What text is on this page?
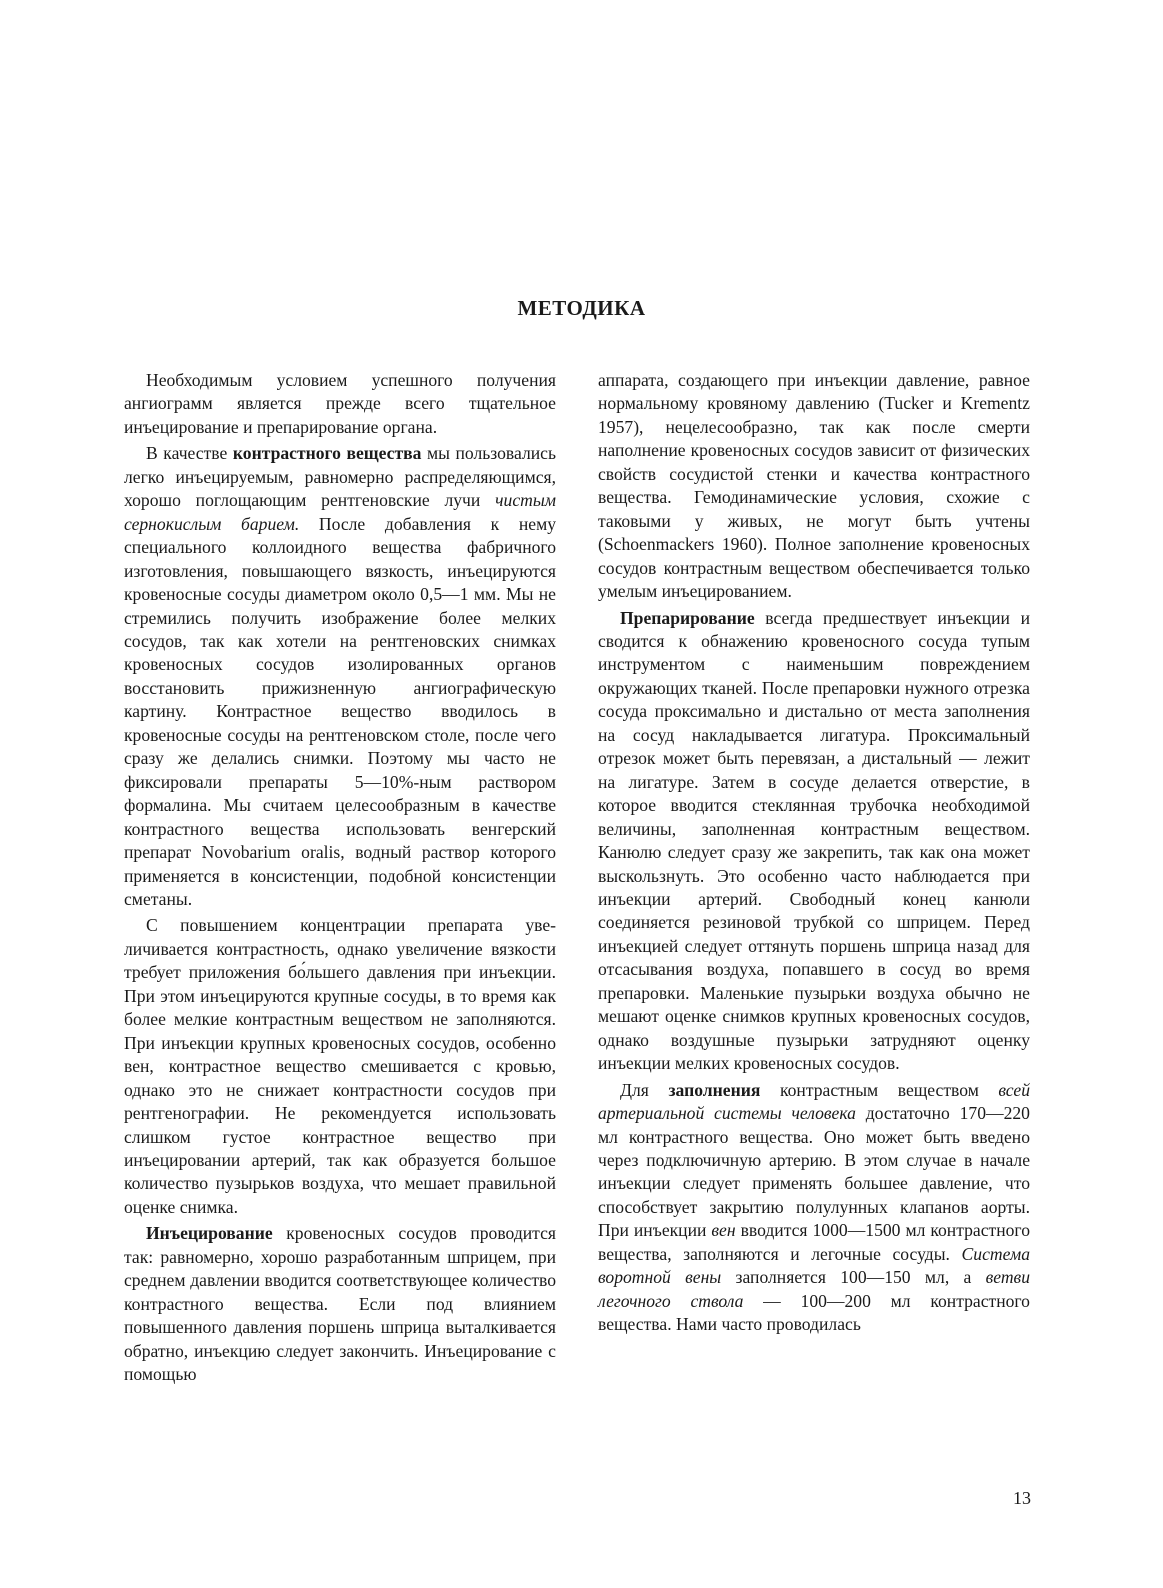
МЕТОДИКА

Необходимым условием успешного получения ангиограмм является прежде всего тщательное инъецирование и препарирование органа.

В качестве контрастного вещества мы пользовались легко инъецируемым, равномерно распределяющимся, хорошо поглощающим рентгеновские лучи чистым сернокислым барием. После добавления к нему специального коллоидного вещества фабричного изготовления, повышающего вязкость, инъецируются кровеносные сосуды диаметром около 0,5—1 мм. Мы не стремились получить изображение более мелких сосудов, так как хотели на рентгеновских снимках кровеносных сосудов изолированных органов восстановить прижизненную ангиографическую картину. Контрастное вещество вводилось в кровеносные сосуды на рентгеновском столе, после чего сразу же делались снимки. Поэтому мы часто не фиксировали препараты 5—10%-ным раствором формалина. Мы считаем целесообразным в качестве контрастного вещества использовать венгерский препарат Novobarium oralis, водный раствор которого применяется в консистенции, подобной консистенции сметаны.

С повышением концентрации препарата увеличивается контрастность, однако увеличение вязкости требует приложения бо́льшего давления при инъекции. При этом инъецируются крупные сосуды, в то время как более мелкие контрастным веществом не заполняются. При инъекции крупных кровеносных сосудов, особенно вен, контрастное вещество смешивается с кровью, однако это не снижает контрастности сосудов при рентгенографии. Не рекомендуется использовать слишком густое контрастное вещество при инъецировании артерий, так как образуется большое количество пузырьков воздуха, что мешает правильной оценке снимка.

Инъецирование кровеносных сосудов проводится так: равномерно, хорошо разработанным шприцем, при среднем давлении вводится соответствующее количество контрастного вещества. Если под влиянием повышенного давления поршень шприца выталкивается обратно, инъекцию следует закончить. Инъецирование с помощью

аппарата, создающего при инъекции давление, равное нормальному кровяному давлению (Tucker и Krementz 1957), нецелесообразно, так как после смерти наполнение кровеносных сосудов зависит от физических свойств сосудистой стенки и качества контрастного вещества. Гемодинамические условия, схожие с таковыми у живых, не могут быть учтены (Schoenmackers 1960). Полное заполнение кровеносных сосудов контрастным веществом обеспечивается только умелым инъецированием.

Препарирование всегда предшествует инъекции и сводится к обнажению кровеносного сосуда тупым инструментом с наименьшим повреждением окружающих тканей. После препаровки нужного отрезка сосуда проксимально и дистально от места заполнения на сосуд накладывается лигатура. Проксимальный отрезок может быть перевязан, а дистальный — лежит на лигатуре. Затем в сосуде делается отверстие, в которое вводится стеклянная трубочка необходимой величины, заполненная контрастным веществом. Канюлю следует сразу же закрепить, так как она может выскользнуть. Это особенно часто наблюдается при инъекции артерий. Свободный конец канюли соединяется резиновой трубкой со шприцем. Перед инъекцией следует оттянуть поршень шприца назад для отсасывания воздуха, попавшего в сосуд во время препаровки. Маленькие пузырьки воздуха обычно не мешают оценке снимков крупных кровеносных сосудов, однако воздушные пузырьки затрудняют оценку инъекции мелких кровеносных сосудов.

Для заполнения контрастным веществом всей артериальной системы человека достаточно 170—220 мл контрастного вещества. Оно может быть введено через подключичную артерию. В этом случае в начале инъекции следует применять большее давление, что способствует закрытию полулунных клапанов аорты. При инъекции вен вводится 1000—1500 мл контрастного вещества, заполняются и легочные сосуды. Система воротной вены заполняется 100—150 мл, а ветви легочного ствола — 100—200 мл контрастного вещества. Нами часто проводилась

13
